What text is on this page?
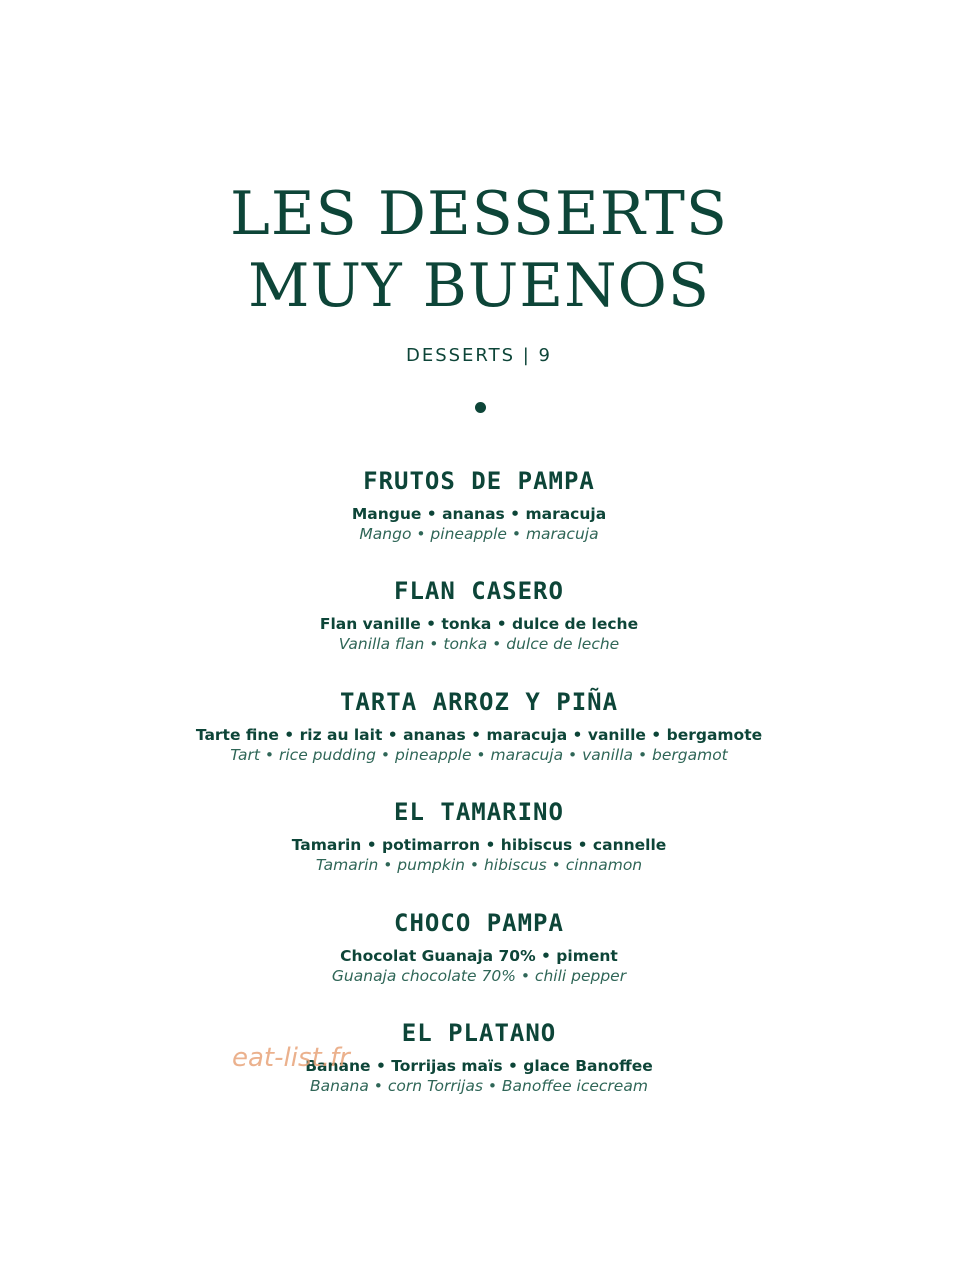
LES DESSERTS
MUY BUENOS
DESSERTS | 9
FRUTOS DE PAMPA
Mangue • ananas • maracuja
Mango • pineapple • maracuja
FLAN CASERO
Flan vanille • tonka • dulce de leche
Vanilla flan • tonka • dulce de leche
TARTA ARROZ Y PIÑA
Tarte fine • riz au lait • ananas • maracuja • vanille • bergamote
Tart • rice pudding • pineapple • maracuja • vanilla • bergamot
EL TAMARINO
Tamarin • potimarron • hibiscus • cannelle
Tamarin • pumpkin • hibiscus • cinnamon
CHOCO PAMPA
Chocolat Guanaja 70% • piment
Guanaja chocolate 70% • chili pepper
EL PLATANO
Banane • Torrijas maïs • glace Banoffee
Banana • corn Torrijas • Banoffee icecream
eat-list.fr
